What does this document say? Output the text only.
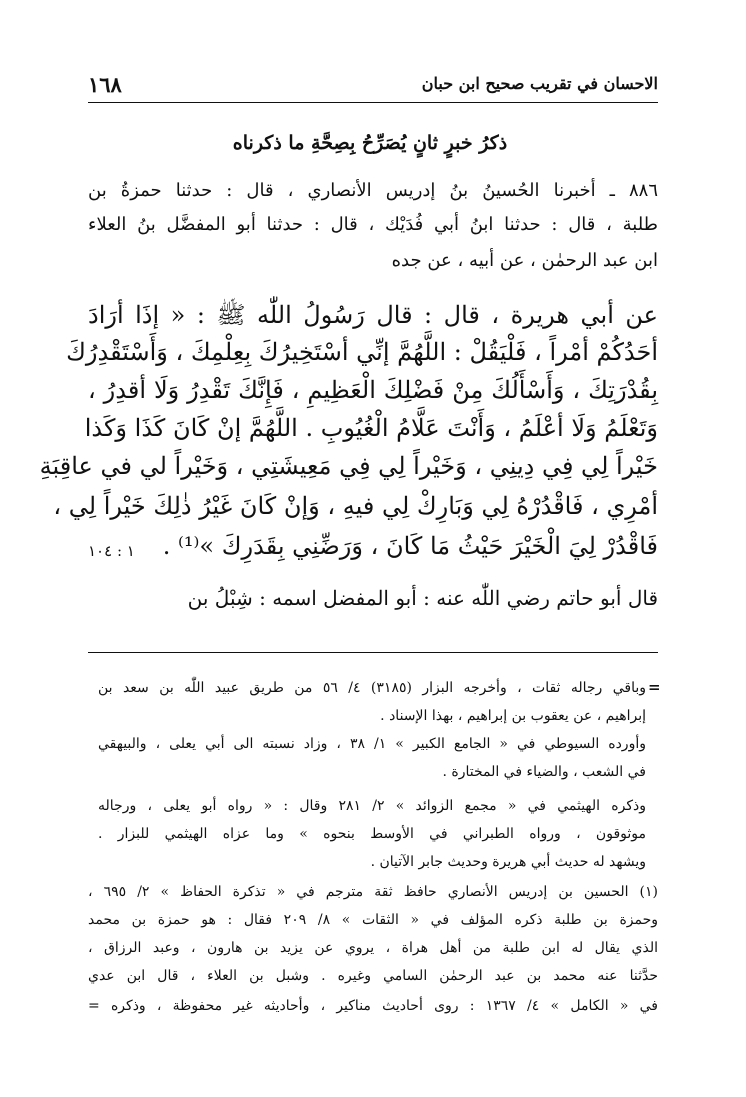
١٦٨	الاحسان في تقريب صحيح ابن حبان
ذكرُ خبرٍ ثانٍ يُصَرِّحُ بِصِحَّةِ ما ذكرناه
٨٨٦ ـ أخبرنا الحُسينُ بنُ إدريس الأنصاري ، قال : حدثنا حمزةُ بن
طلبة ، قال : حدثنا ابنُ أبي فُدَيْك ، قال : حدثنا أبو المفضَّل بنُ العلاء
ابن عبد الرحمٰن ، عن أبيه ، عن جده
عن أبي هريرة ، قال : قال رَسُولُ اللّٰه ﷺ : « إذَا أرَادَ
أحَدُكُمْ أمْراً ، فَلْيَقُلْ : اللَّهُمَّ إنِّي أسْتَخِيرُكَ بِعِلْمِكَ ، وَأَسْتَقْدِرُكَ
بِقُدْرَتِكَ ، وَأَسْأَلُكَ مِنْ فَضْلِكَ الْعَظِيمِ ، فَإِنَّكَ تَقْدِرُ وَلَا أقدِرُ ،
وَتَعْلَمُ وَلَا أعْلَمُ ، وَأَنْتَ عَلَّامُ الْغُيُوبِ . اللَّهُمَّ إنْ كَانَ كَذَا وَكَذا
خَيْراً لِي فِي دِينِي ، وَخَيْراً لِي فِي مَعِيشَتِي ، وَخَيْراً لي في عاقِبَةِ
أمْرِي ، فَاقْدُرْهُ لِي وَبَارِكْ لِي فيهِ ، وَإنْ كَانَ غَيْرُ ذٰلِكَ خَيْراً لِي ،
فَاقْدُرْ لِيَ الْخَيْرَ حَيْثُ مَا كَانَ ، وَرَضِّنِي بِقَدَرِكَ »⁽¹⁾ .
١ : ١٠٤
قال أبو حاتم رضي اللّٰه عنه : أبو المفضل اسمه : شِبْلُ بن
=
وباقي رجاله ثقات ، وأخرجه البزار (٣١٨٥) ٤/ ٥٦ من طريق عبيد اللّٰه بن سعد بن
إبراهيم ، عن يعقوب بن إبراهيم ، بهذا الإسناد .
وأورده السيوطي في « الجامع الكبير » ١/ ٣٨ ، وزاد نسبته الى أبي يعلى ، والبيهقي
في الشعب ، والضياء في المختارة .
وذكره الهيثمي في « مجمع الزوائد » ٢/ ٢٨١ وقال : « رواه أبو يعلى ، ورجاله
موثوقون ، ورواه الطبراني في الأوسط بنحوه » وما عزاه الهيثمي للبزار .
ويشهد له حديث أبي هريرة وحديث جابر الآتيان .
(١) الحسين بن إدريس الأنصاري حافظ ثقة مترجم في « تذكرة الحفاظ » ٢/ ٦٩٥ ،
وحمزة بن طلبة ذكره المؤلف في « الثقات » ٨/ ٢٠٩ فقال : هو حمزة بن محمد
الذي يقال له ابن طلبة من أهل هراة ، يروي عن يزيد بن هارون ، وعبد الرزاق ،
حدَّثنا عنه محمد بن عبد الرحمٰن السامي وغيره . وشبل بن العلاء ، قال ابن عدي
في « الكامل » ٤/ ١٣٦٧ : روى أحاديث مناكير ، وأحاديثه غير محفوظة ، وذكره =
